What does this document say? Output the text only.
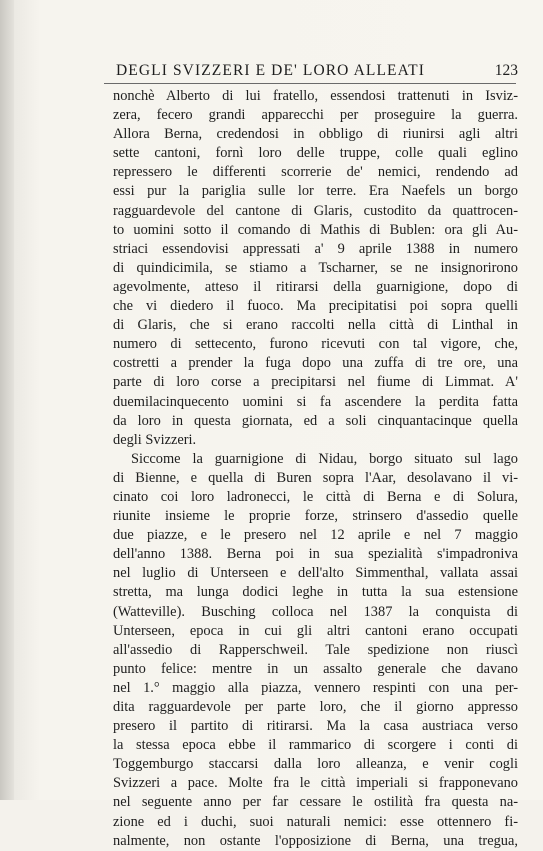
DEGLI SVIZZERI E DE' LORO ALLEATI	123
nonchè Alberto di lui fratello, essendosi trattenuti in Isviz-
zera, fecero grandi apparecchi per proseguire la guerra.
Allora Berna, credendosi in obbligo di riunirsi agli altri
sette cantoni, fornì loro delle truppe, colle quali eglino
repressero le differenti scorrerie de' nemici, rendendo ad
essi pur la pariglia sulle lor terre. Era Naefels un borgo
ragguardevole del cantone di Glaris, custodito da quattrocen-
to uomini sotto il comando di Mathis di Bublen: ora gli Au-
striaci essendovisi appressati a' 9 aprile 1388 in numero
di quindicimila, se stiamo a Tscharner, se ne insignorirono
agevolmente, atteso il ritirarsi della guarnigione, dopo di
che vi diedero il fuoco. Ma precipitatisi poi sopra quelli
di Glaris, che si erano raccolti nella città di Linthal in
numero di settecento, furono ricevuti con tal vigore, che,
costretti a prender la fuga dopo una zuffa di tre ore, una
parte di loro corse a precipitarsi nel fiume di Limmat. A'
duemilacinquecento uomini si fa ascendere la perdita fatta
da loro in questa giornata, ed a soli cinquantacinque quella
degli Svizzeri.
Siccome la guarnigione di Nidau, borgo situato sul lago
di Bienne, e quella di Buren sopra l'Aar, desolavano il vi-
cinato coi loro ladronecci, le città di Berna e di Solura,
riunite insieme le proprie forze, strinsero d'assedio quelle
due piazze, e le presero nel 12 aprile e nel 7 maggio
dell'anno 1388. Berna poi in sua spezialità s'impadroniva
nel luglio di Unterseen e dell'alto Simmenthal, vallata assai
stretta, ma lunga dodici leghe in tutta la sua estensione
(Watteville). Busching colloca nel 1387 la conquista di
Unterseen, epoca in cui gli altri cantoni erano occupati
all'assedio di Rapperschweil. Tale spedizione non riuscì
punto felice: mentre in un assalto generale che davano
nel 1.° maggio alla piazza, vennero respinti con una per-
dita ragguardevole per parte loro, che il giorno appresso
presero il partito di ritirarsi. Ma la casa austriaca verso
la stessa epoca ebbe il rammarico di scorgere i conti di
Toggemburgo staccarsi dalla loro alleanza, e venir cogli
Svizzeri a pace. Molte fra le città imperiali si frapponevano
nel seguente anno per far cessare le ostilità fra questa na-
zione ed i duchi, suoi naturali nemici: esse ottennero fi-
nalmente, non ostante l'opposizione di Berna, una tregua,
